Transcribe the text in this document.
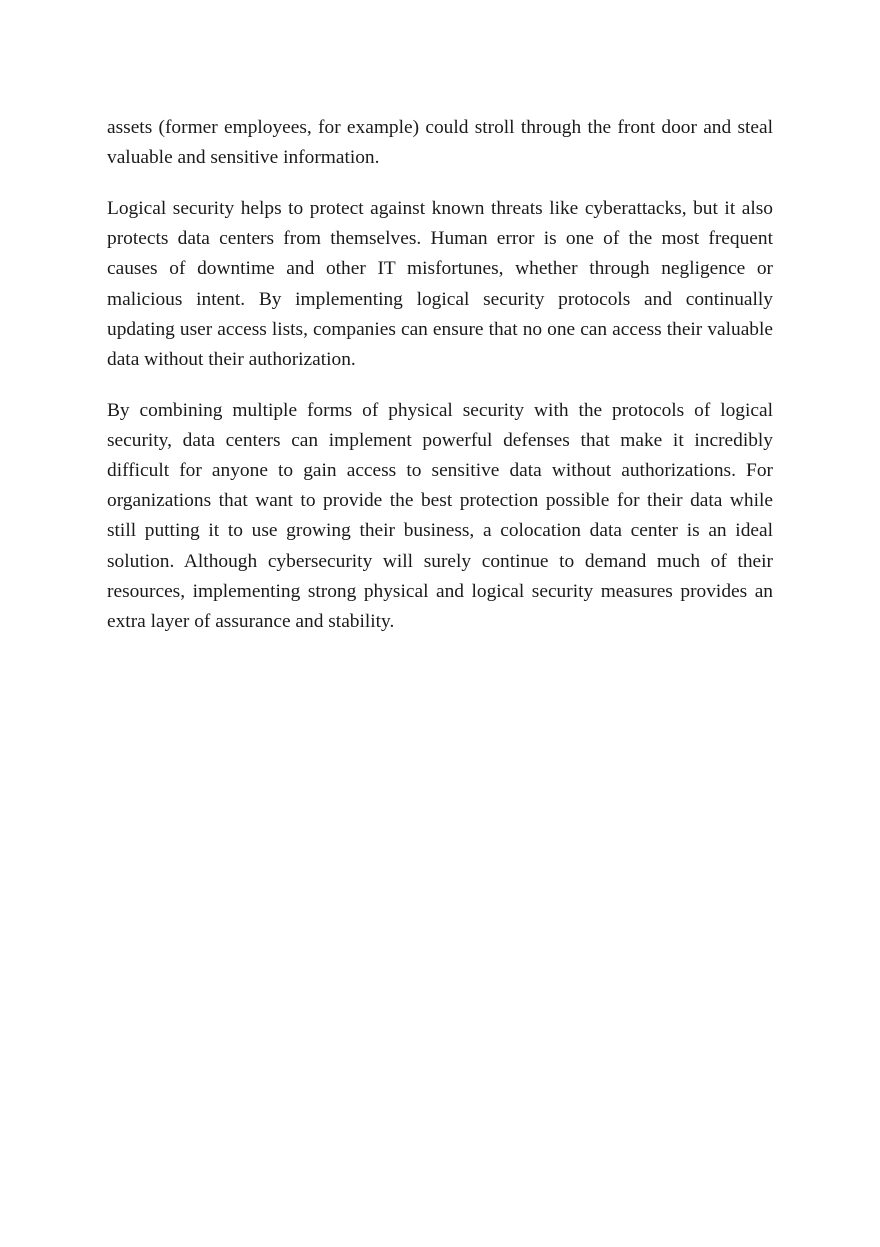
assets (former employees, for example) could stroll through the front door and steal valuable and sensitive information.

Logical security helps to protect against known threats like cyberattacks, but it also protects data centers from themselves. Human error is one of the most frequent causes of downtime and other IT misfortunes, whether through negligence or malicious intent. By implementing logical security protocols and continually updating user access lists, companies can ensure that no one can access their valuable data without their authorization.

By combining multiple forms of physical security with the protocols of logical security, data centers can implement powerful defenses that make it incredibly difficult for anyone to gain access to sensitive data without authorizations. For organizations that want to provide the best protection possible for their data while still putting it to use growing their business, a colocation data center is an ideal solution. Although cybersecurity will surely continue to demand much of their resources, implementing strong physical and logical security measures provides an extra layer of assurance and stability.
